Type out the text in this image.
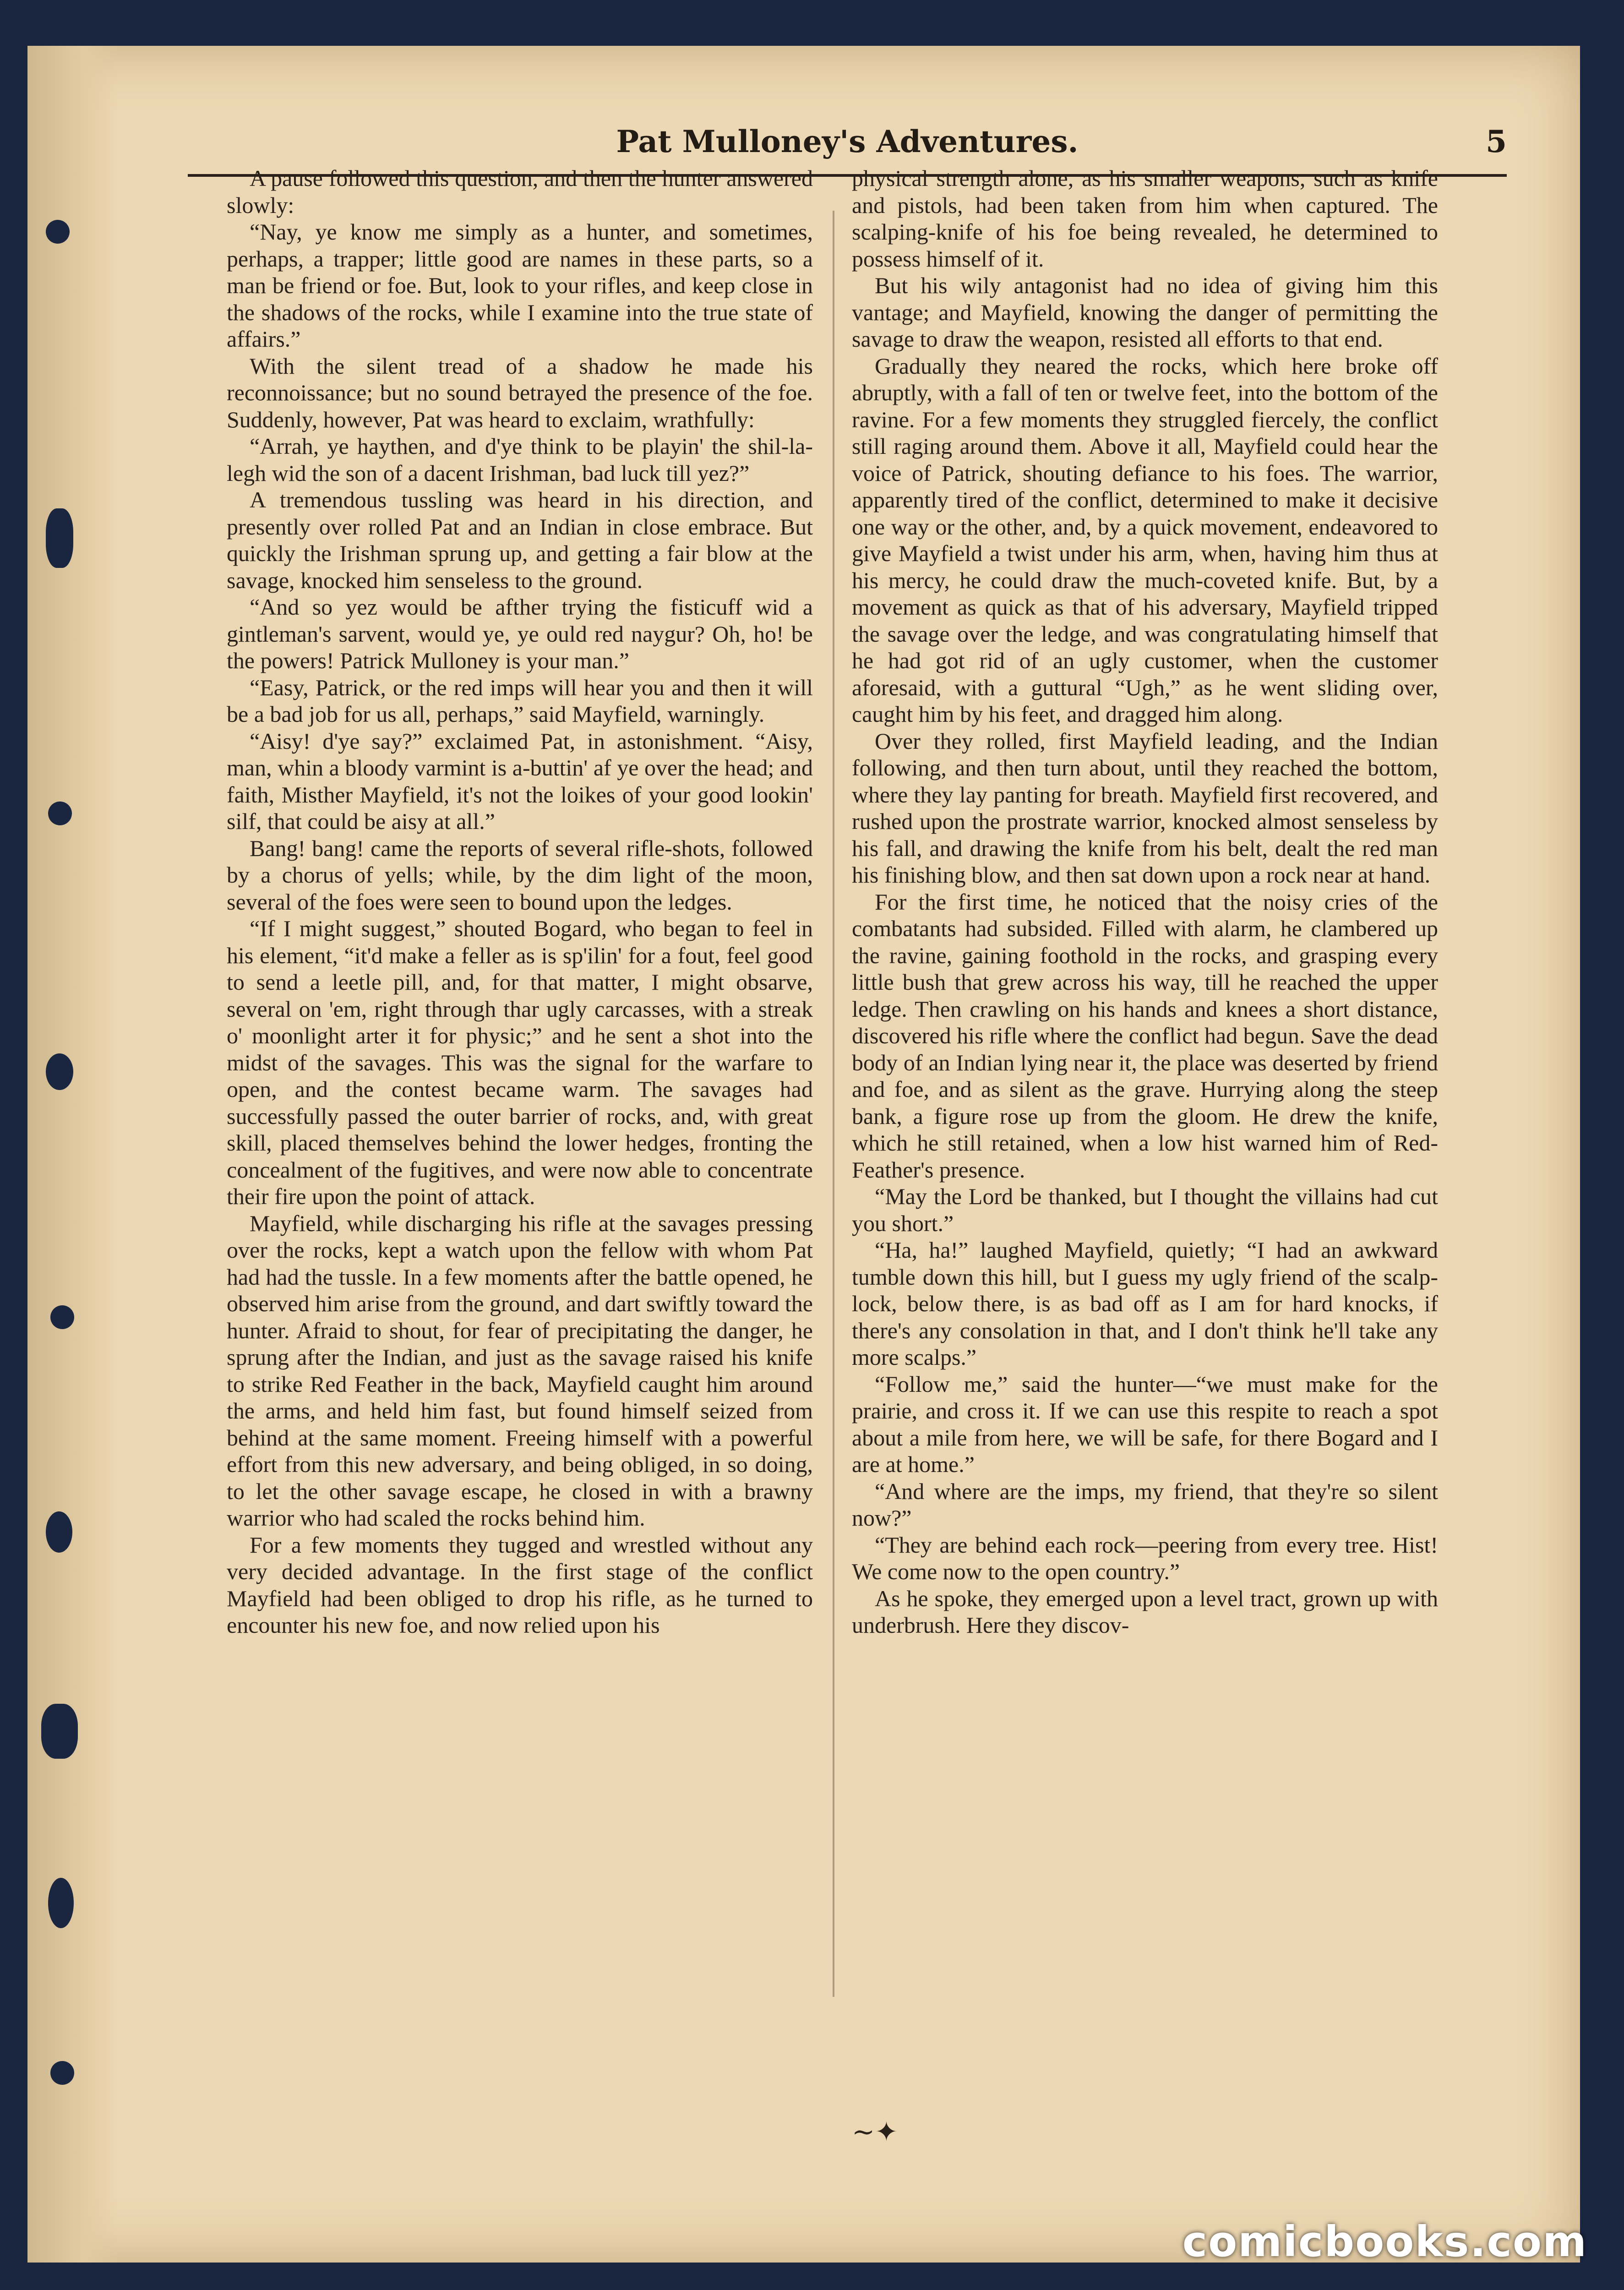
Pat Mulloney's Adventures.	5

A pause followed this question, and then the hunter answered slowly:

“Nay, ye know me simply as a hunter, and sometimes, perhaps, a trapper; little good are names in these parts, so a man be friend or foe. But, look to your rifles, and keep close in the shadows of the rocks, while I examine into the true state of affairs.”

With the silent tread of a shadow he made his reconnoissance; but no sound betrayed the presence of the foe. Suddenly, however, Pat was heard to exclaim, wrathfully:

“Arrah, ye haythen, and d'ye think to be playin' the shil-la-legh wid the son of a dacent Irishman, bad luck till yez?”

A tremendous tussling was heard in his direction, and presently over rolled Pat and an Indian in close embrace. But quickly the Irishman sprung up, and getting a fair blow at the savage, knocked him senseless to the ground.

“And so yez would be afther trying the fisticuff wid a gintleman's sarvent, would ye, ye ould red naygur? Oh, ho! be the powers! Patrick Mulloney is your man.”

“Easy, Patrick, or the red imps will hear you and then it will be a bad job for us all, perhaps,” said Mayfield, warningly.

“Aisy! d'ye say?” exclaimed Pat, in astonishment. “Aisy, man, whin a bloody varmint is a-buttin' af ye over the head; and faith, Misther Mayfield, it's not the loikes of your good lookin' silf, that could be aisy at all.”

Bang! bang! came the reports of several rifle-shots, followed by a chorus of yells; while, by the dim light of the moon, several of the foes were seen to bound upon the ledges.

“If I might suggest,” shouted Bogard, who began to feel in his element, “it'd make a feller as is sp'ilin' for a fout, feel good to send a leetle pill, and, for that matter, I might obsarve, several on 'em, right through thar ugly carcasses, with a streak o' moonlight arter it for physic;” and he sent a shot into the midst of the savages. This was the signal for the warfare to open, and the contest became warm. The savages had successfully passed the outer barrier of rocks, and, with great skill, placed themselves behind the lower hedges, fronting the concealment of the fugitives, and were now able to concentrate their fire upon the point of attack.

Mayfield, while discharging his rifle at the savages pressing over the rocks, kept a watch upon the fellow with whom Pat had had the tussle. In a few moments after the battle opened, he observed him arise from the ground, and dart swiftly toward the hunter. Afraid to shout, for fear of precipitating the danger, he sprung after the Indian, and just as the savage raised his knife to strike Red Feather in the back, Mayfield caught him around the arms, and held him fast, but found himself seized from behind at the same moment. Freeing himself with a powerful effort from this new adversary, and being obliged, in so doing, to let the other savage escape, he closed in with a brawny warrior who had scaled the rocks behind him.

For a few moments they tugged and wrestled without any very decided advantage. In the first stage of the conflict Mayfield had been obliged to drop his rifle, as he turned to encounter his new foe, and now relied upon his

physical strength alone, as his smaller weapons, such as knife and pistols, had been taken from him when captured. The scalping-knife of his foe being revealed, he determined to possess himself of it.

But his wily antagonist had no idea of giving him this vantage; and Mayfield, knowing the danger of permitting the savage to draw the weapon, resisted all efforts to that end.

Gradually they neared the rocks, which here broke off abruptly, with a fall of ten or twelve feet, into the bottom of the ravine. For a few moments they struggled fiercely, the conflict still raging around them. Above it all, Mayfield could hear the voice of Patrick, shouting defiance to his foes. The warrior, apparently tired of the conflict, determined to make it decisive one way or the other, and, by a quick movement, endeavored to give Mayfield a twist under his arm, when, having him thus at his mercy, he could draw the much-coveted knife. But, by a movement as quick as that of his adversary, Mayfield tripped the savage over the ledge, and was congratulating himself that he had got rid of an ugly customer, when the customer aforesaid, with a guttural “Ugh,” as he went sliding over, caught him by his feet, and dragged him along.

Over they rolled, first Mayfield leading, and the Indian following, and then turn about, until they reached the bottom, where they lay panting for breath. Mayfield first recovered, and rushed upon the prostrate warrior, knocked almost senseless by his fall, and drawing the knife from his belt, dealt the red man his finishing blow, and then sat down upon a rock near at hand.

For the first time, he noticed that the noisy cries of the combatants had subsided. Filled with alarm, he clambered up the ravine, gaining foothold in the rocks, and grasping every little bush that grew across his way, till he reached the upper ledge. Then crawling on his hands and knees a short distance, discovered his rifle where the conflict had begun. Save the dead body of an Indian lying near it, the place was deserted by friend and foe, and as silent as the grave. Hurrying along the steep bank, a figure rose up from the gloom. He drew the knife, which he still retained, when a low hist warned him of Red-Feather's presence.

“May the Lord be thanked, but I thought the villains had cut you short.”

“Ha, ha!” laughed Mayfield, quietly; “I had an awkward tumble down this hill, but I guess my ugly friend of the scalp-lock, below there, is as bad off as I am for hard knocks, if there's any consolation in that, and I don't think he'll take any more scalps.”

“Follow me,” said the hunter—“we must make for the prairie, and cross it. If we can use this respite to reach a spot about a mile from here, we will be safe, for there Bogard and I are at home.”

“And where are the imps, my friend, that they're so silent now?”

“They are behind each rock—peering from every tree. Hist! We come now to the open country.”

As he spoke, they emerged upon a level tract, grown up with underbrush. Here they discov-

~✦
comicbooks.com
